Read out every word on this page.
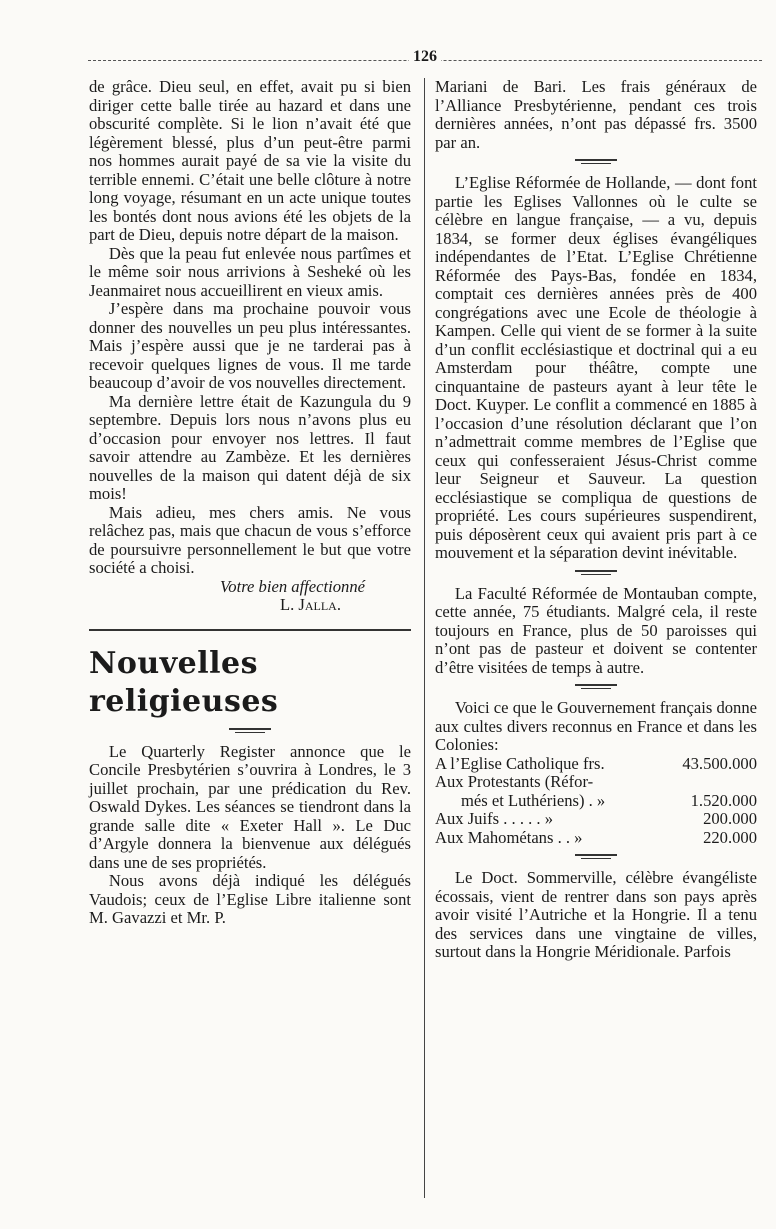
126

de grâce. Dieu seul, en effet, avait pu si bien diriger cette balle tirée au hazard et dans une obscurité complète. Si le lion n’avait été que légèrement blessé, plus d’un peut-être parmi nos hommes aurait payé de sa vie la visite du terrible ennemi. C’était une belle clôture à notre long voyage, résumant en un acte unique toutes les bontés dont nous avions été les objets de la part de Dieu, depuis notre départ de la maison.

Dès que la peau fut enlevée nous partîmes et le même soir nous arrivions à Sesheké où les Jeanmairet nous accueillirent en vieux amis.

J’espère dans ma prochaine pouvoir vous donner des nouvelles un peu plus intéressantes. Mais j’espère aussi que je ne tarderai pas à recevoir quelques lignes de vous. Il me tarde beaucoup d’avoir de vos nouvelles directement.

Ma dernière lettre était de Kazungula du 9 septembre. Depuis lors nous n’avons plus eu d’occasion pour envoyer nos lettres. Il faut savoir attendre au Zambèze. Et les dernières nouvelles de la maison qui datent déjà de six mois!

Mais adieu, mes chers amis. Ne vous relâchez pas, mais que chacun de vous s’efforce de poursuivre personnellement le but que votre société a choisi.

Votre bien affectionné
L. Jalla.
Nouvelles religieuses

Le Quarterly Register annonce que le Concile Presbytérien s’ouvrira à Londres, le 3 juillet prochain, par une prédication du Rev. Oswald Dykes. Les séances se tiendront dans la grande salle dite « Exeter Hall ». Le Duc d’Argyle donnera la bienvenue aux délégués dans une de ses propriétés.

Nous avons déjà indiqué les délégués Vaudois; ceux de l’Eglise Libre italienne sont M. Gavazzi et Mr. P.

Mariani de Bari. Les frais généraux de l’Alliance Presbytérienne, pendant ces trois dernières années, n’ont pas dépassé frs. 3500 par an.

L’Eglise Réformée de Hollande, — dont font partie les Eglises Vallonnes où le culte se célèbre en langue française, — a vu, depuis 1834, se former deux églises évangéliques indépendantes de l’Etat. L’Eglise Chrétienne Réformée des Pays-Bas, fondée en 1834, comptait ces dernières années près de 400 congrégations avec une Ecole de théologie à Kampen. Celle qui vient de se former à la suite d’un conflit ecclésiastique et doctrinal qui a eu Amsterdam pour théâtre, compte une cinquantaine de pasteurs ayant à leur tête le Doct. Kuyper. Le conflit a commencé en 1885 à l’occasion d’une résolution déclarant que l’on n’admettrait comme membres de l’Eglise que ceux qui confesseraient Jésus-Christ comme leur Seigneur et Sauveur. La question ecclésiastique se compliqua de questions de propriété. Les cours supérieures suspendirent, puis déposèrent ceux qui avaient pris part à ce mouvement et la séparation devint inévitable.

La Faculté Réformée de Montauban compte, cette année, 75 étudiants. Malgré cela, il reste toujours en France, plus de 50 paroisses qui n’ont pas de pasteur et doivent se contenter d’être visitées de temps à autre.

Voici ce que le Gouvernement français donne aux cultes divers reconnus en France et dans les Colonies:

A l’Eglise Catholique frs.	43.500.000
Aux Protestants (Réfor-	
més et Luthériens) . »	1.520.000
Aux Juifs . . . . . »	200.000
Aux Mahométans . . »	220.000

Le Doct. Sommerville, célèbre évangéliste écossais, vient de rentrer dans son pays après avoir visité l’Autriche et la Hongrie. Il a tenu des services dans une vingtaine de villes, surtout dans la Hongrie Méridionale. Parfois
